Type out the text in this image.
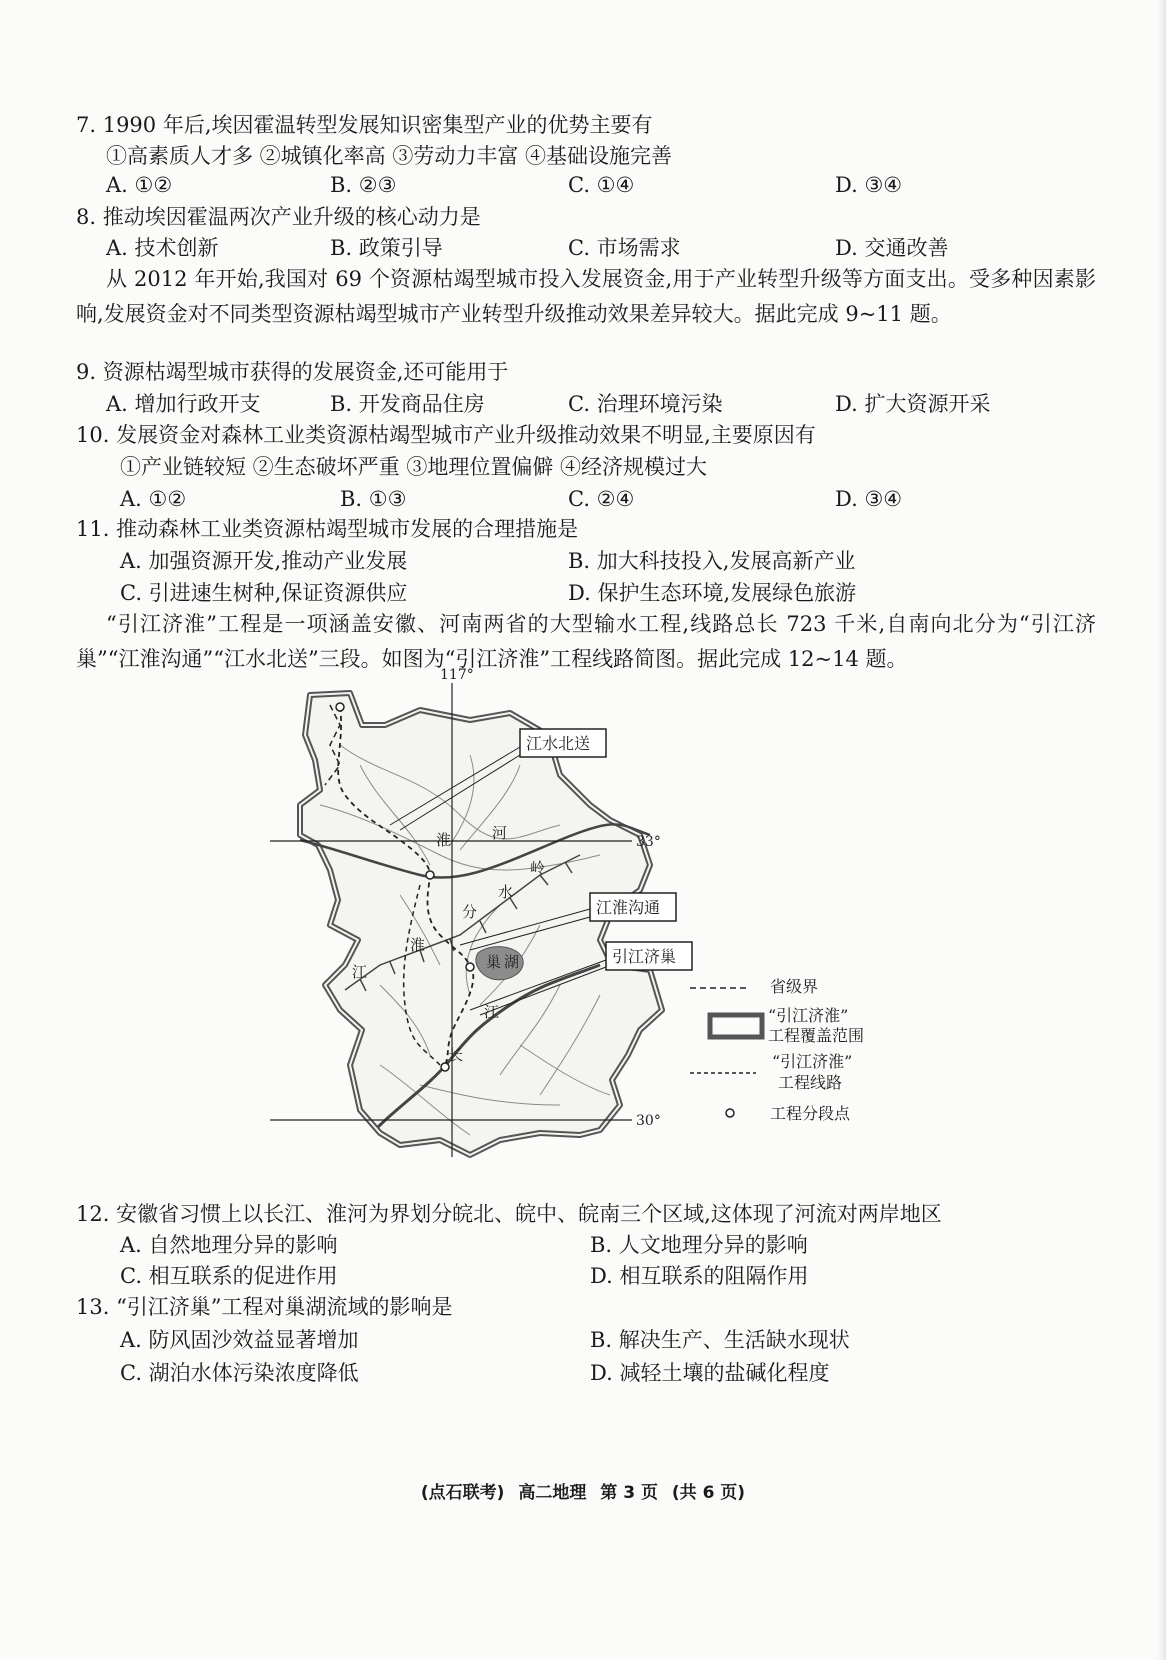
7. 1990 年后,埃因霍温转型发展知识密集型产业的优势主要有
①高素质人才多 ②城镇化率高 ③劳动力丰富 ④基础设施完善
A. ①②	B. ②③	C. ①④	D. ③④
8. 推动埃因霍温两次产业升级的核心动力是
A. 技术创新	B. 政策引导	C. 市场需求	D. 交通改善
从 2012 年开始,我国对 69 个资源枯竭型城市投入发展资金,用于产业转型升级等方面支出。受多种因素影响,发展资金对不同类型资源枯竭型城市产业转型升级推动效果差异较大。据此完成 9~11 题。
9. 资源枯竭型城市获得的发展资金,还可能用于
A. 增加行政开支	B. 开发商品住房	C. 治理环境污染	D. 扩大资源开采
10. 发展资金对森林工业类资源枯竭型城市产业升级推动效果不明显,主要原因有
①产业链较短 ②生态破坏严重 ③地理位置偏僻 ④经济规模过大
A. ①②	B. ①③	C. ②④	D. ③④
11. 推动森林工业类资源枯竭型城市发展的合理措施是
A. 加强资源开发,推动产业发展	B. 加大科技投入,发展高新产业
C. 引进速生树种,保证资源供应	D. 保护生态环境,发展绿色旅游
“引江济淮”工程是一项涵盖安徽、河南两省的大型输水工程,线路总长 723 千米,自南向北分为“引江济巢”“江淮沟通”“江水北送”三段。如图为“引江济淮”工程线路简图。据此完成 12~14 题。
117°
33°
30°
淮	河
分
水
岭
巢 湖
长
江
江
淮
江水北送
江淮沟通
引江济巢
省级界
“引江济淮”
工程覆盖范围
“引江济淮”
工程线路
工程分段点
12. 安徽省习惯上以长江、淮河为界划分皖北、皖中、皖南三个区域,这体现了河流对两岸地区
A. 自然地理分异的影响	B. 人文地理分异的影响
C. 相互联系的促进作用	D. 相互联系的阻隔作用
13. “引江济巢”工程对巢湖流域的影响是
A. 防风固沙效益显著增加	B. 解决生产、生活缺水现状
C. 湖泊水体污染浓度降低	D. 减轻土壤的盐碱化程度
(点石联考) 高二地理 第 3 页 (共 6 页)
